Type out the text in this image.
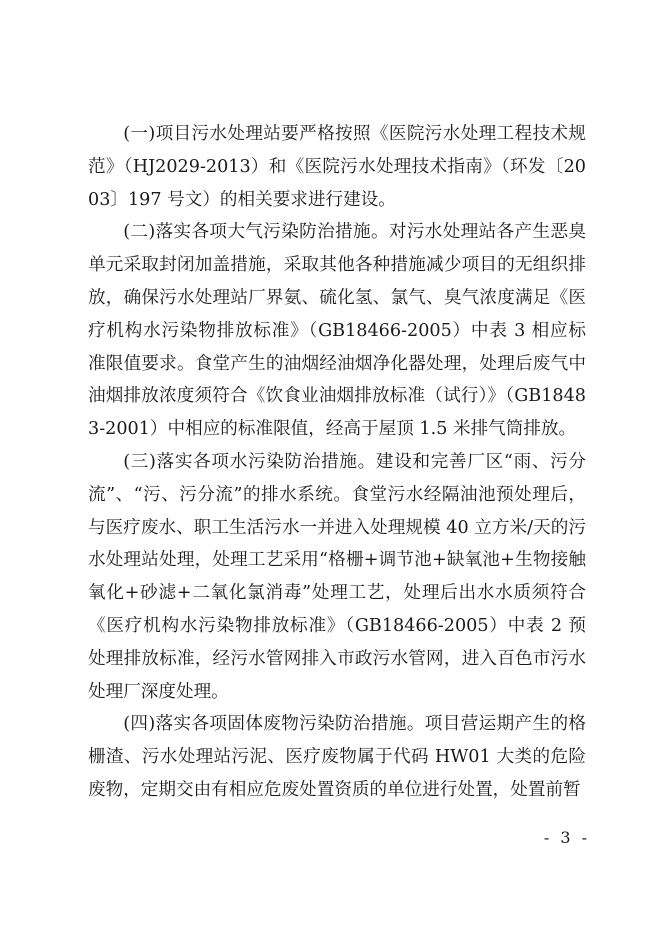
(一)项目污水处理站要严格按照《医院污水处理工程技术规范》（HJ2029-2013）和《医院污水处理技术指南》（环发〔2003〕197 号文）的相关要求进行建设。

(二)落实各项大气污染防治措施。对污水处理站各产生恶臭单元采取封闭加盖措施，采取其他各种措施减少项目的无组织排放，确保污水处理站厂界氨、硫化氢、氯气、臭气浓度满足《医疗机构水污染物排放标准》（GB18466-2005）中表 3 相应标准限值要求。食堂产生的油烟经油烟净化器处理，处理后废气中油烟排放浓度须符合《饮食业油烟排放标准（试行）》（GB18483-2001）中相应的标准限值，经高于屋顶 1.5 米排气筒排放。

(三)落实各项水污染防治措施。建设和完善厂区“雨、污分流”、“污、污分流”的排水系统。食堂污水经隔油池预处理后，与医疗废水、职工生活污水一并进入处理规模 40 立方米/天的污水处理站处理，处理工艺采用“格栅+调节池+缺氧池+生物接触氧化+砂滤+二氧化氯消毒”处理工艺，处理后出水水质须符合《医疗机构水污染物排放标准》（GB18466-2005）中表 2 预处理排放标准，经污水管网排入市政污水管网，进入百色市污水处理厂深度处理。

(四)落实各项固体废物污染防治措施。项目营运期产生的格栅渣、污水处理站污泥、医疗废物属于代码 HW01 大类的危险废物，定期交由有相应危废处置资质的单位进行处置，处置前暂

- 3 -
